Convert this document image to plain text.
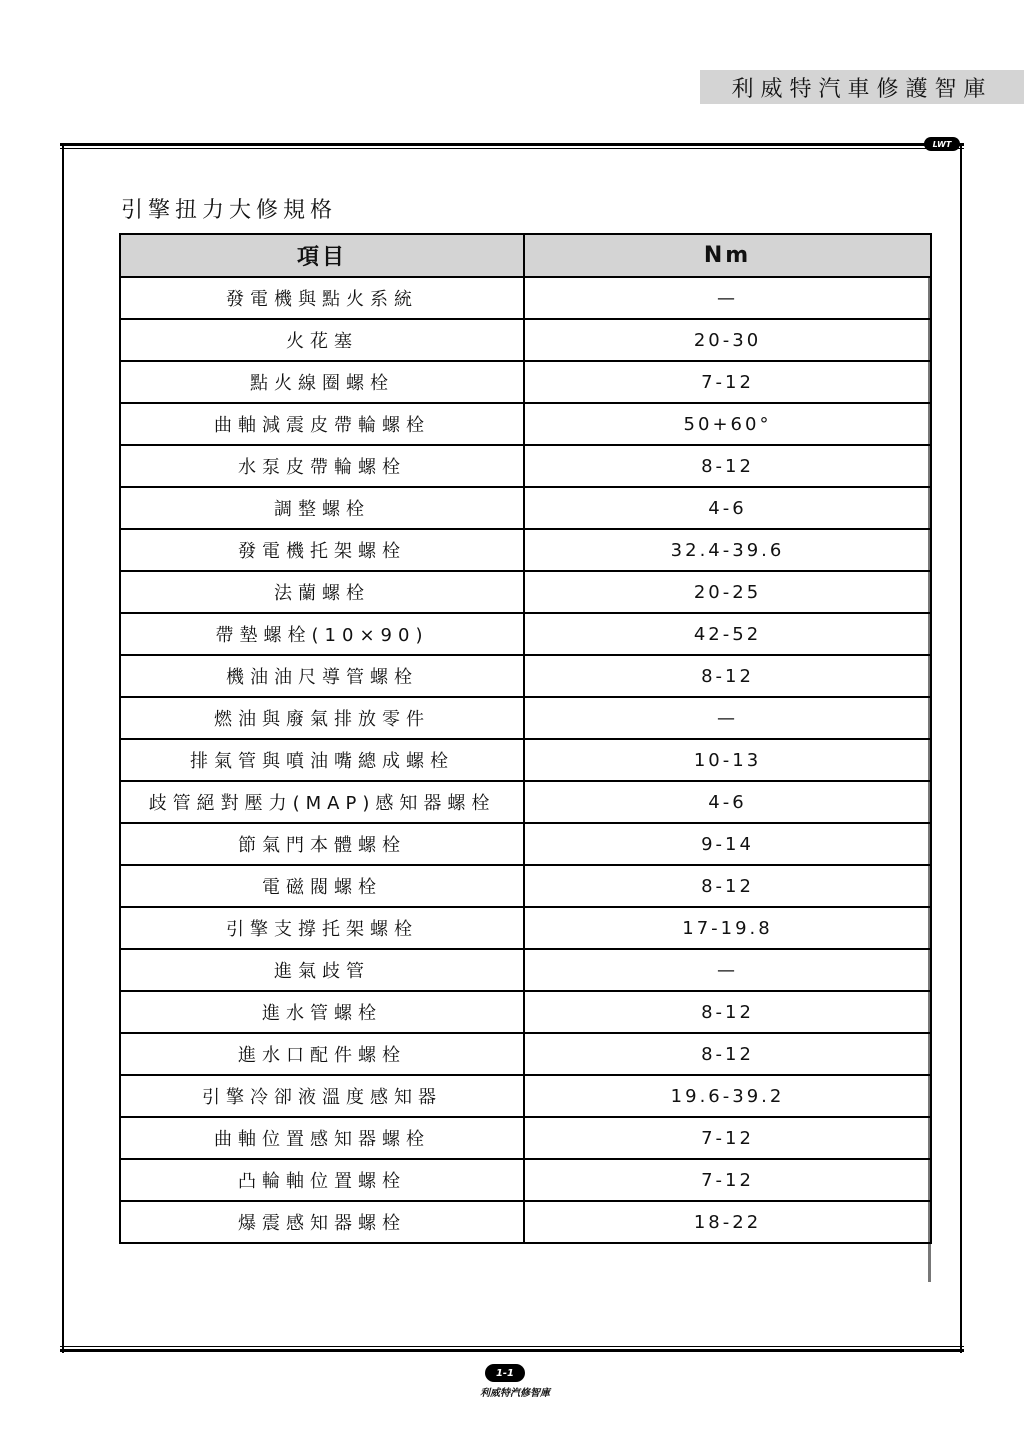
利威特汽車修護智庫
LWT
引擎扭力大修規格
項目	Nm
發電機與點火系統	—
火花塞	20-30
點火線圈螺栓	7-12
曲軸減震皮帶輪螺栓	50+60°
水泵皮帶輪螺栓	8-12
調整螺栓	4-6
發電機托架螺栓	32.4-39.6
法蘭螺栓	20-25
帶墊螺栓(10×90)	42-52
機油油尺導管螺栓	8-12
燃油與廢氣排放零件	—
排氣管與噴油嘴總成螺栓	10-13
歧管絕對壓力(MAP)感知器螺栓	4-6
節氣門本體螺栓	9-14
電磁閥螺栓	8-12
引擎支撐托架螺栓	17-19.8
進氣歧管	—
進水管螺栓	8-12
進水口配件螺栓	8-12
引擎冷卻液溫度感知器	19.6-39.2
曲軸位置感知器螺栓	7-12
凸輪軸位置螺栓	7-12
爆震感知器螺栓	18-22
1-1
利威特汽修智庫
